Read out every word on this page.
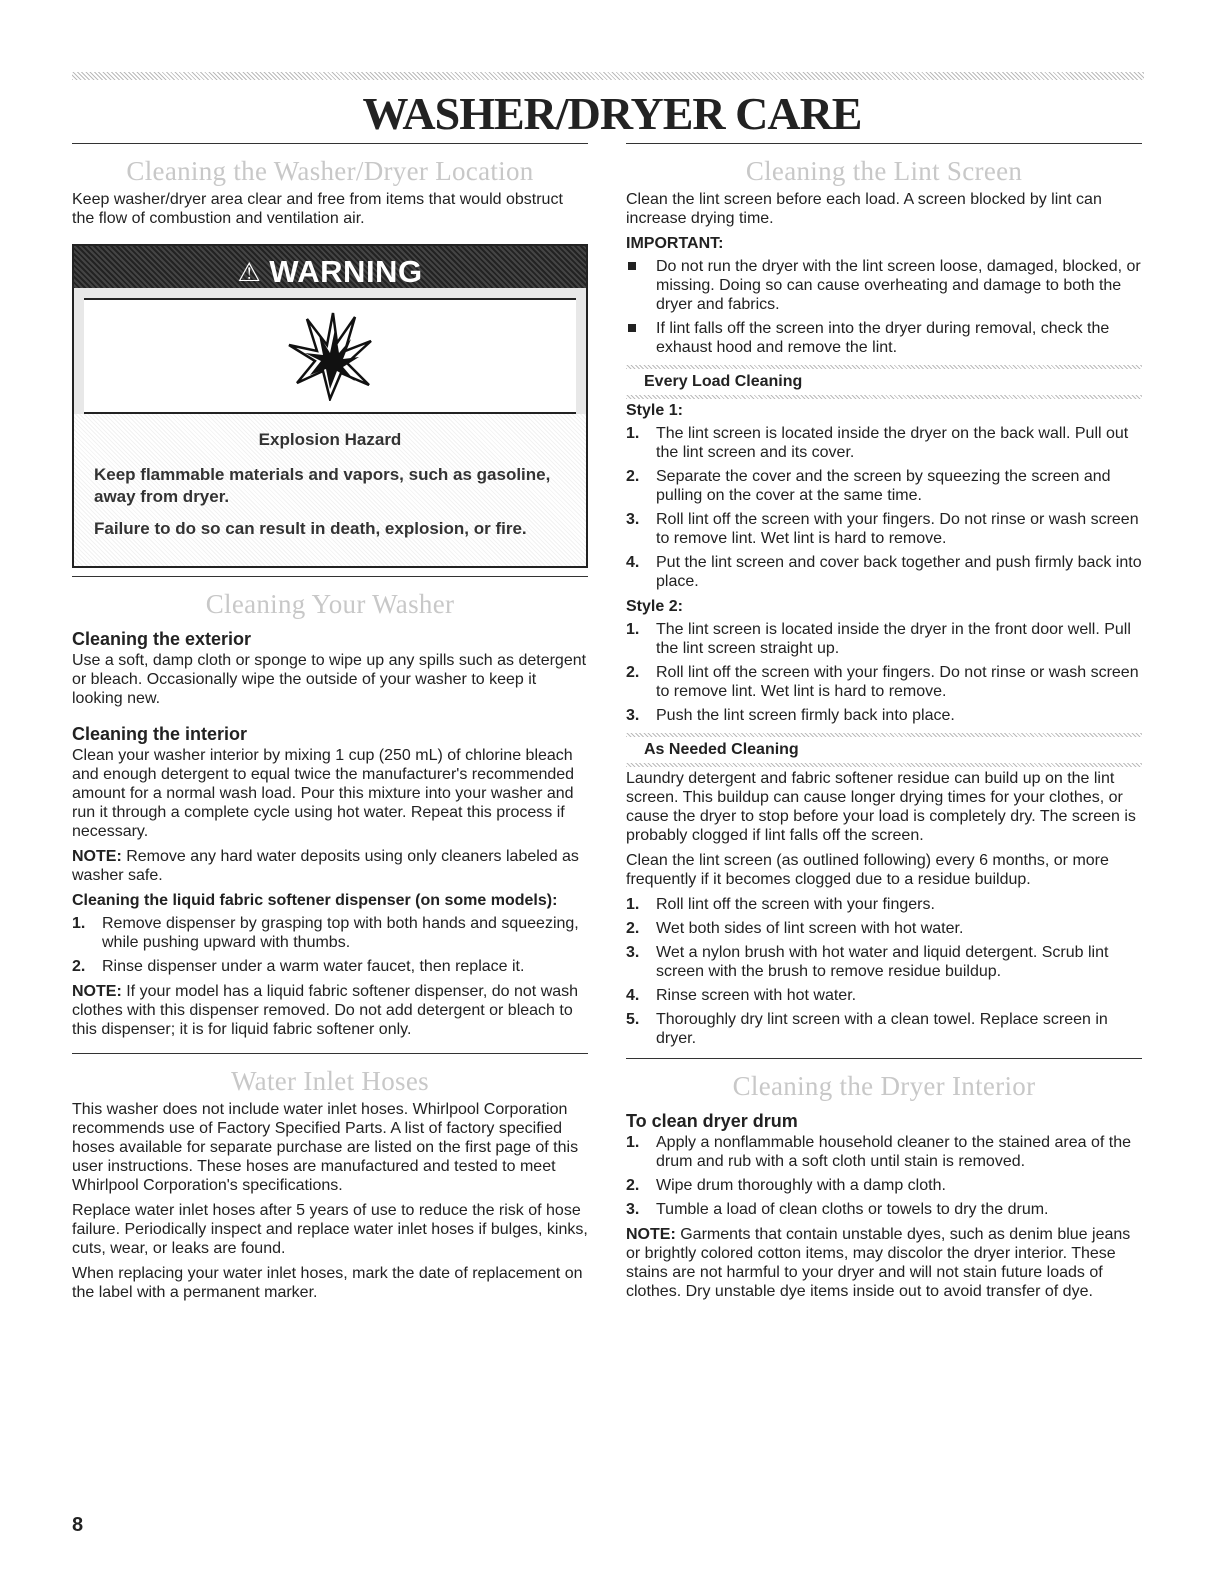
WASHER/DRYER CARE
Cleaning the Washer/Dryer Location

Keep washer/dryer area clear and free from items that would obstruct the flow of combustion and ventilation air.

⚠ WARNING
Explosion Hazard
Keep flammable materials and vapors, such as gasoline, away from dryer.
Failure to do so can result in death, explosion, or fire.
Cleaning Your Washer
Cleaning the exterior

Use a soft, damp cloth or sponge to wipe up any spills such as detergent or bleach. Occasionally wipe the outside of your washer to keep it looking new.

Cleaning the interior

Clean your washer interior by mixing 1 cup (250 mL) of chlorine bleach and enough detergent to equal twice the manufacturer's recommended amount for a normal wash load. Pour this mixture into your washer and run it through a complete cycle using hot water. Repeat this process if necessary.

NOTE: Remove any hard water deposits using only cleaners labeled as washer safe.

Cleaning the liquid fabric softener dispenser (on some models):
1. Remove dispenser by grasping top with both hands and squeezing, while pushing upward with thumbs.
2. Rinse dispenser under a warm water faucet, then replace it.

NOTE: If your model has a liquid fabric softener dispenser, do not wash clothes with this dispenser removed. Do not add detergent or bleach to this dispenser; it is for liquid fabric softener only.

Water Inlet Hoses

This washer does not include water inlet hoses. Whirlpool Corporation recommends use of Factory Specified Parts. A list of factory specified hoses available for separate purchase are listed on the first page of this user instructions. These hoses are manufactured and tested to meet Whirlpool Corporation's specifications.

Replace water inlet hoses after 5 years of use to reduce the risk of hose failure. Periodically inspect and replace water inlet hoses if bulges, kinks, cuts, wear, or leaks are found.

When replacing your water inlet hoses, mark the date of replacement on the label with a permanent marker.

Cleaning the Lint Screen

Clean the lint screen before each load. A screen blocked by lint can increase drying time.

IMPORTANT:
Do not run the dryer with the lint screen loose, damaged, blocked, or missing. Doing so can cause overheating and damage to both the dryer and fabrics.
If lint falls off the screen into the dryer during removal, check the exhaust hood and remove the lint.
Every Load Cleaning
Style 1:
1. The lint screen is located inside the dryer on the back wall. Pull out the lint screen and its cover.
2. Separate the cover and the screen by squeezing the screen and pulling on the cover at the same time.
3. Roll lint off the screen with your fingers. Do not rinse or wash screen to remove lint. Wet lint is hard to remove.
4. Put the lint screen and cover back together and push firmly back into place.
Style 2:
1. The lint screen is located inside the dryer in the front door well. Pull the lint screen straight up.
2. Roll lint off the screen with your fingers. Do not rinse or wash screen to remove lint. Wet lint is hard to remove.
3. Push the lint screen firmly back into place.
As Needed Cleaning

Laundry detergent and fabric softener residue can build up on the lint screen. This buildup can cause longer drying times for your clothes, or cause the dryer to stop before your load is completely dry. The screen is probably clogged if lint falls off the screen.

Clean the lint screen (as outlined following) every 6 months, or more frequently if it becomes clogged due to a residue buildup.

1. Roll lint off the screen with your fingers.
2. Wet both sides of lint screen with hot water.
3. Wet a nylon brush with hot water and liquid detergent. Scrub lint screen with the brush to remove residue buildup.
4. Rinse screen with hot water.
5. Thoroughly dry lint screen with a clean towel. Replace screen in dryer.
Cleaning the Dryer Interior
To clean dryer drum
1. Apply a nonflammable household cleaner to the stained area of the drum and rub with a soft cloth until stain is removed.
2. Wipe drum thoroughly with a damp cloth.
3. Tumble a load of clean cloths or towels to dry the drum.

NOTE: Garments that contain unstable dyes, such as denim blue jeans or brightly colored cotton items, may discolor the dryer interior. These stains are not harmful to your dryer and will not stain future loads of clothes. Dry unstable dye items inside out to avoid transfer of dye.

8
